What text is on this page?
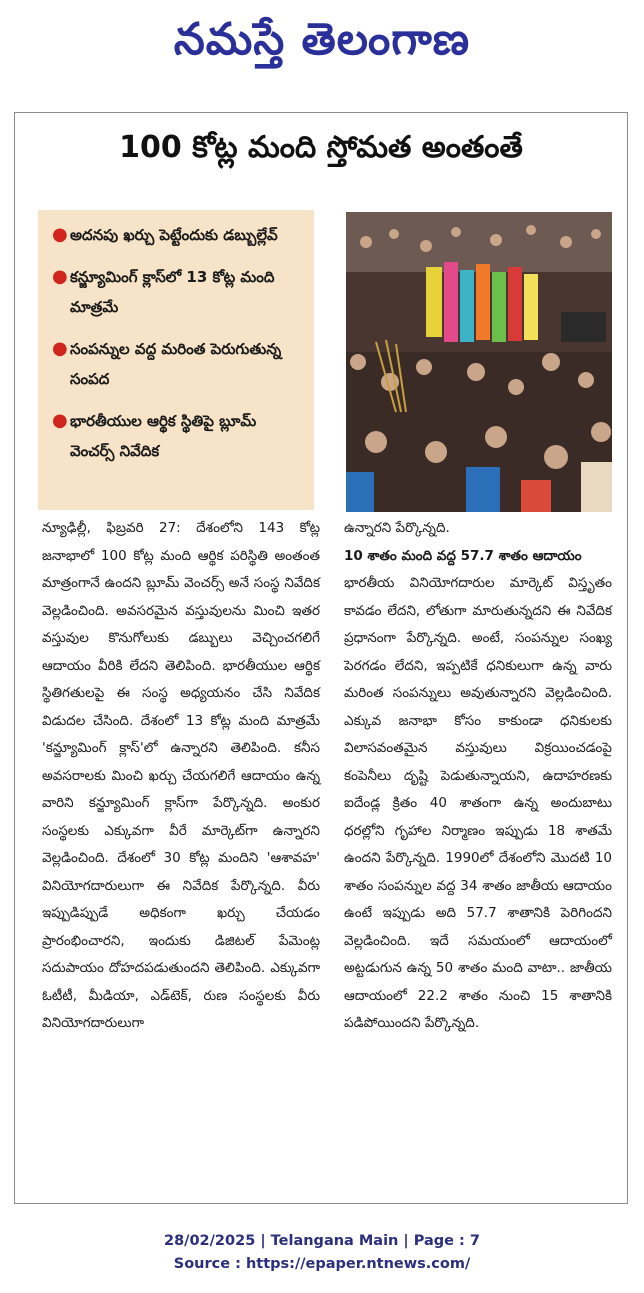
నమస్తే తెలంగాణ
100 కోట్ల మంది స్తోమత అంతంతే
● అదనపు ఖర్చు పెట్టేందుకు డబ్బుల్లేవ్
● కన్జ్యూమింగ్ క్లాస్‌లో 13 కోట్ల మంది మాత్రమే
● సంపన్నుల వద్ద మరింత పెరుగుతున్న సంపద
● భారతీయుల ఆర్థిక స్థితిపై బ్లూమ్ వెంచర్స్ నివేదిక

న్యూఢిల్లీ, ఫిబ్రవరి 27: దేశంలోని 143 కోట్ల జనాభాలో 100 కోట్ల మంది ఆర్థిక పరిస్థితి అంతంత మాత్రంగానే ఉందని బ్లూమ్ వెంచర్స్ అనే సంస్థ నివేదిక వెల్లడించింది. అవసరమైన వస్తువులను మించి ఇతర వస్తువుల కొనుగోలుకు డబ్బులు వెచ్చించగలిగే ఆదాయం వీరికి లేదని తెలిపింది. భారతీయుల ఆర్థిక స్థితిగతులపై ఈ సంస్థ అధ్యయనం చేసి నివేదిక విడుదల చేసింది. దేశంలో 13 కోట్ల మంది మాత్రమే 'కన్జ్యూమింగ్ క్లాస్'లో ఉన్నారని తెలిపింది. కనీస అవసరాలకు మించి ఖర్చు చేయగలిగే ఆదాయం ఉన్న వారిని కన్జ్యూమింగ్ క్లాస్‌గా పేర్కొన్నది. అంకుర సంస్థలకు ఎక్కువగా వీరే మార్కెట్‌గా ఉన్నారని వెల్లడించింది. దేశంలో 30 కోట్ల మందిని 'ఆశావహ' వినియోగదారులుగా ఈ నివేదిక పేర్కొన్నది. వీరు ఇప్పుడిప్పుడే అధికంగా ఖర్చు చేయడం ప్రారంభించారని, ఇందుకు డిజిటల్ పేమెంట్ల సదుపాయం దోహదపడుతుందని తెలిపింది. ఎక్కువగా ఓటీటీ, మీడియా, ఎడ్‌టెక్, రుణ సంస్థలకు వీరు వినియోగదారులుగా

ఉన్నారని పేర్కొన్నది.

10 శాతం మంది వద్ద 57.7 శాతం ఆదాయం

భారతీయ వినియోగదారుల మార్కెట్ విస్తృతం కావడం లేదని, లోతుగా మారుతున్నదని ఈ నివేదిక ప్రధానంగా పేర్కొన్నది. అంటే, సంపన్నుల సంఖ్య పెరగడం లేదని, ఇప్పటికే ధనికులుగా ఉన్న వారు మరింత సంపన్నులు అవుతున్నారని వెల్లడించింది. ఎక్కువ జనాభా కోసం కాకుండా ధనికులకు విలాసవంతమైన వస్తువులు విక్రయించడంపై కంపెనీలు దృష్టి పెడుతున్నాయని, ఉదాహరణకు ఐదేండ్ల క్రితం 40 శాతంగా ఉన్న అందుబాటు ధరల్లోని గృహాల నిర్మాణం ఇప్పుడు 18 శాతమే ఉందని పేర్కొన్నది. 1990లో దేశంలోని మొదటి 10 శాతం సంపన్నుల వద్ద 34 శాతం జాతీయ ఆదాయం ఉంటే ఇప్పుడు అది 57.7 శాతానికి పెరిగిందని వెల్లడించింది. ఇదే సమయంలో ఆదాయంలో అట్టడుగున ఉన్న 50 శాతం మంది వాటా.. జాతీయ ఆదాయంలో 22.2 శాతం నుంచి 15 శాతానికి పడిపోయిందని పేర్కొన్నది.

28/02/2025 | Telangana Main | Page : 7
Source : https://epaper.ntnews.com/
